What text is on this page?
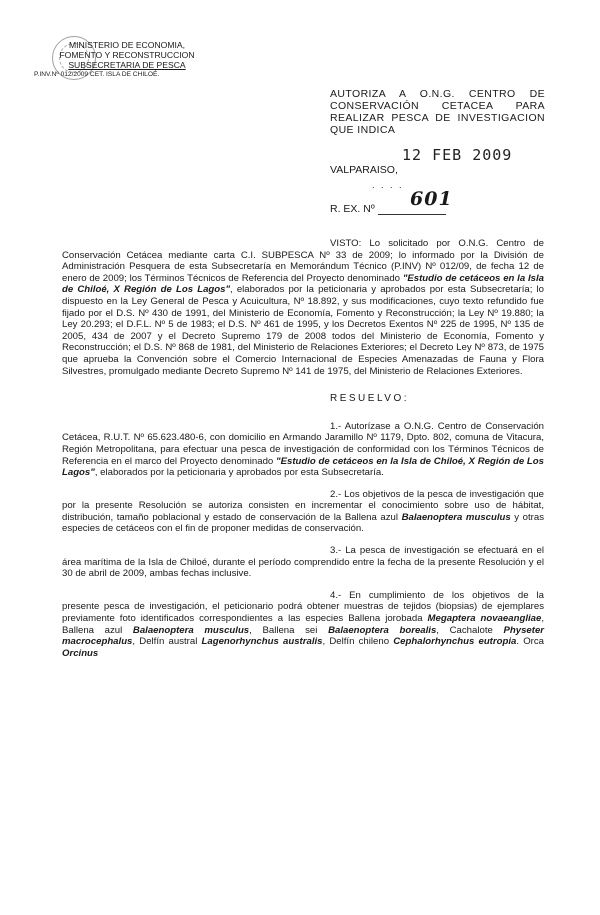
MINISTERIO DE ECONOMIA,
FOMENTO Y RECONSTRUCCION
SUBSECRETARIA DE PESCA
P.INV.Nº 012/2009 CET. ISLA DE CHILOÉ.
AUTORIZA A O.N.G. CENTRO DE CONSERVACIÓN CETACEA PARA REALIZAR PESCA DE INVESTIGACION QUE INDICA
12 FEB 2009
VALPARAISO,
. . . .
R. EX. Nº 601

VISTO: Lo solicitado por O.N.G. Centro de Conservación Cetácea mediante carta C.I. SUBPESCA Nº 33 de 2009; lo informado por la División de Administración Pesquera de esta Subsecretaría en Memorándum Técnico (P.INV) Nº 012/09, de fecha 12 de enero de 2009; los Términos Técnicos de Referencia del Proyecto denominado "Estudio de cetáceos en la Isla de Chiloé, X Región de Los Lagos", elaborados por la peticionaria y aprobados por esta Subsecretaría; lo dispuesto en la Ley General de Pesca y Acuicultura, Nº 18.892, y sus modificaciones, cuyo texto refundido fue fijado por el D.S. Nº 430 de 1991, del Ministerio de Economía, Fomento y Reconstrucción; la Ley Nº 19.880; la Ley 20.293; el D.F.L. Nº 5 de 1983; el D.S. Nº 461 de 1995, y los Decretos Exentos Nº 225 de 1995, Nº 135 de 2005, 434 de 2007 y el Decreto Supremo 179 de 2008 todos del Ministerio de Economía, Fomento y Reconstrucción; el D.S. Nº 868 de 1981, del Ministerio de Relaciones Exteriores; el Decreto Ley Nº 873, de 1975 que aprueba la Convención sobre el Comercio Internacional de Especies Amenazadas de Fauna y Flora Silvestres, promulgado mediante Decreto Supremo Nº 141 de 1975, del Ministerio de Relaciones Exteriores.

RESUELVO:

1.- Autorízase a O.N.G. Centro de Conservación Cetácea, R.U.T. Nº 65.623.480-6, con domicilio en Armando Jaramillo Nº 1179, Dpto. 802, comuna de Vitacura, Región Metropolitana, para efectuar una pesca de investigación de conformidad con los Términos Técnicos de Referencia en el marco del Proyecto denominado "Estudio de cetáceos en la Isla de Chiloé, X Región de Los Lagos", elaborados por la peticionaria y aprobados por esta Subsecretaría.

2.- Los objetivos de la pesca de investigación que por la presente Resolución se autoriza consisten en incrementar el conocimiento sobre uso de hábitat, distribución, tamaño poblacional y estado de conservación de la Ballena azul Balaenoptera musculus y otras especies de cetáceos con el fin de proponer medidas de conservación.

3.- La pesca de investigación se efectuará en el área marítima de la Isla de Chiloé, durante el período comprendido entre la fecha de la presente Resolución y el 30 de abril de 2009, ambas fechas inclusive.

4.- En cumplimiento de los objetivos de la presente pesca de investigación, el peticionario podrá obtener muestras de tejidos (biopsias) de ejemplares previamente foto identificados correspondientes a las especies Ballena jorobada Megaptera novaeangliae, Ballena azul Balaenoptera musculus, Ballena sei Balaenoptera borealis, Cachalote Physeter macrocephalus, Delfín austral Lagenorhynchus australis, Delfín chileno Cephalorhynchus eutropia. Orca Orcinus
